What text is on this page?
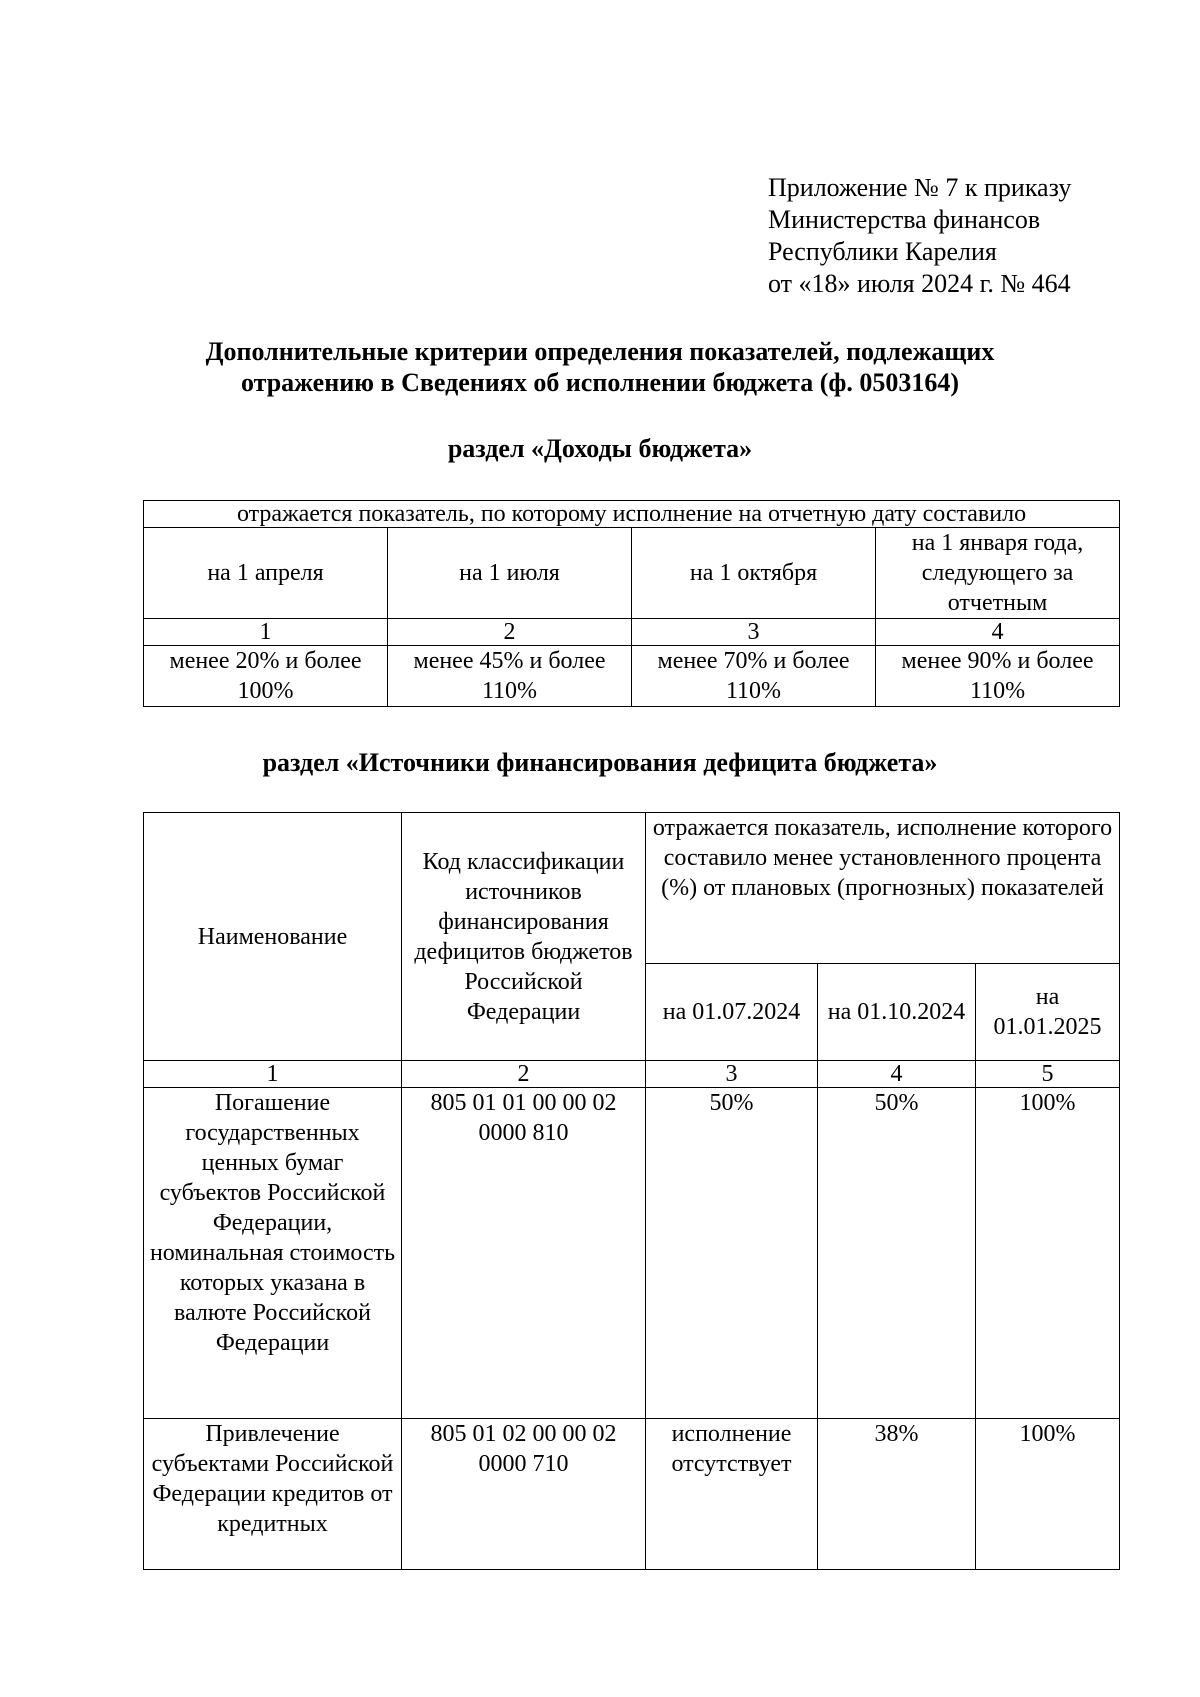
Приложение № 7 к приказу
Министерства финансов
Республики Карелия
от «18» июля 2024 г. № 464
Дополнительные критерии определения показателей, подлежащих
отражению в Сведениях об исполнении бюджета (ф. 0503164)
раздел «Доходы бюджета»
отражается показатель, по которому исполнение на отчетную дату составило			
на 1 апреля	на 1 июля	на 1 октября	на 1 января года, следующего за отчетным
1	2	3	4
менее 20% и более 100%	менее 45% и более 110%	менее 70% и более 110%	менее 90% и более 110%
раздел «Источники финансирования дефицита бюджета»
Наименование	Код классификации источников финансирования дефицитов бюджетов Российской Федерации	отражается показатель, исполнение которого составило менее установленного процента (%) от плановых (прогнозных) показателей		
		на 01.07.2024	на 01.10.2024	на 01.01.2025
1	2	3	4	5
Погашение государственных ценных бумаг субъектов Российской Федерации, номинальная стоимость которых указана в валюте Российской Федерации	805 01 01 00 00 02 0000 810	50%	50%	100%
Привлечение субъектами Российской Федерации кредитов от кредитных	805 01 02 00 00 02 0000 710	исполнение отсутствует	38%	100%
